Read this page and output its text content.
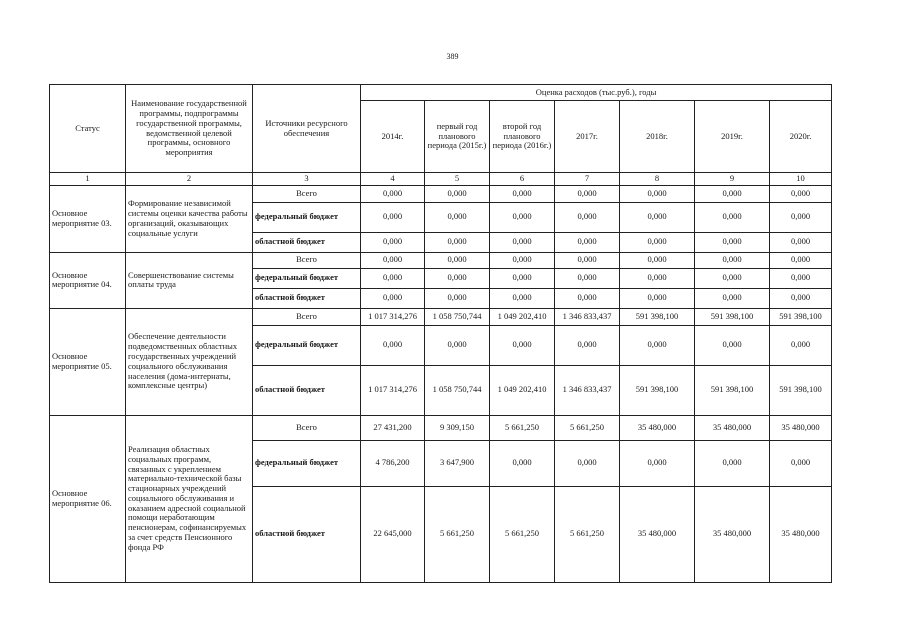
389
Статус	Наименование государственной программы, подпрограммы государственной программы, ведомственной целевой программы, основного мероприятия	Источники ресурсного обеспечения	Оценка расходов (тыс.руб.), годы						
			2014г.	первый год планового периода (2015г.)	второй год планового периода (2016г.)	2017г.	2018г.	2019г.	2020г.
1	2	3	4	5	6	7	8	9	10
Основное мероприятие 03.	Формирование независимой системы оценки качества работы организаций, оказывающих социальные услуги	Всего	0,000	0,000	0,000	0,000	0,000	0,000	0,000
		федеральный бюджет	0,000	0,000	0,000	0,000	0,000	0,000	0,000
		областной бюджет	0,000	0,000	0,000	0,000	0,000	0,000	0,000
Основное мероприятие 04.	Совершенствование системы оплаты труда	Всего	0,000	0,000	0,000	0,000	0,000	0,000	0,000
		федеральный бюджет	0,000	0,000	0,000	0,000	0,000	0,000	0,000
		областной бюджет	0,000	0,000	0,000	0,000	0,000	0,000	0,000
Основное мероприятие 05.	Обеспечение деятельности подведомственных областных государственных учреждений социального обслуживания населения (дома-интернаты, комплексные центры)	Всего	1 017 314,276	1 058 750,744	1 049 202,410	1 346 833,437	591 398,100	591 398,100	591 398,100
		федеральный бюджет	0,000	0,000	0,000	0,000	0,000	0,000	0,000
		областной бюджет	1 017 314,276	1 058 750,744	1 049 202,410	1 346 833,437	591 398,100	591 398,100	591 398,100
Основное мероприятие 06.	Реализация областных социальных программ, связанных с укреплением материально-технической базы стационарных учреждений социального обслуживания и оказанием адресной социальной помощи неработающим пенсионерам, софинансируемых за счет средств Пенсионного фонда РФ	Всего	27 431,200	9 309,150	5 661,250	5 661,250	35 480,000	35 480,000	35 480,000
		федеральный бюджет	4 786,200	3 647,900	0,000	0,000	0,000	0,000	0,000
		областной бюджет	22 645,000	5 661,250	5 661,250	5 661,250	35 480,000	35 480,000	35 480,000
